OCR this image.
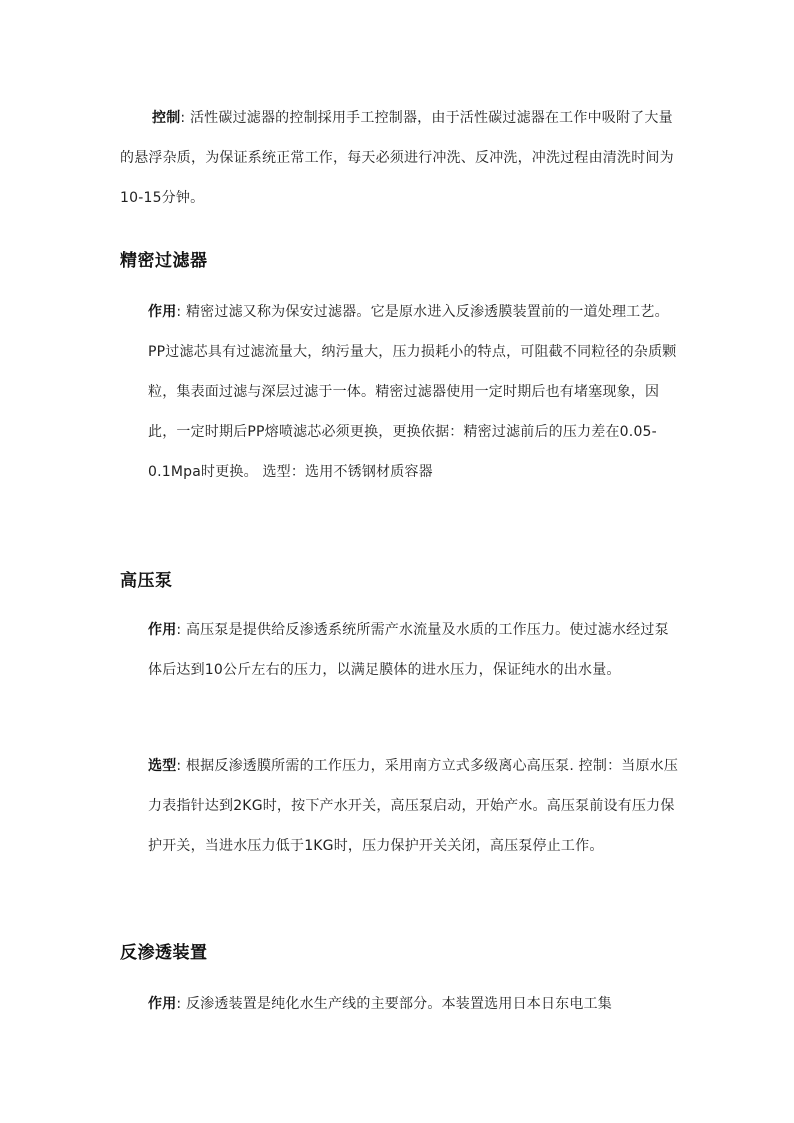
控制: 活性碳过滤器的控制採用手工控制器，由于活性碳过滤器在工作中吸附了大量的悬浮杂质，为保证系统正常工作，每天必须进行冲洗、反冲洗，冲洗过程由清洗时间为10-15分钟。

精密过滤器

作用: 精密过滤又称为保安过滤器。它是原水进入反渗透膜装置前的一道处理工艺。PP过滤芯具有过滤流量大，纳污量大，压力损耗小的特点，可阻截不同粒径的杂质颗粒，集表面过滤与深层过滤于一体。精密过滤器使用一定时期后也有堵塞现象，因此，一定时期后PP熔喷滤芯必须更换，更换依据：精密过滤前后的压力差在0.05-0.1Mpa时更换。 选型：选用不锈钢材质容器

高压泵

作用: 高压泵是提供给反渗透系统所需产水流量及水质的工作压力。使过滤水经过泵体后达到10公斤左右的压力，以满足膜体的进水压力，保证纯水的出水量。

选型: 根据反渗透膜所需的工作压力，采用南方立式多级离心高压泵. 控制：当原水压力表指针达到2KG时，按下产水开关，高压泵启动，开始产水。高压泵前设有压力保护开关，当进水压力低于1KG时，压力保护开关关闭，高压泵停止工作。

反渗透装置

作用: 反渗透装置是纯化水生产线的主要部分。本装置选用日本日东电工集
